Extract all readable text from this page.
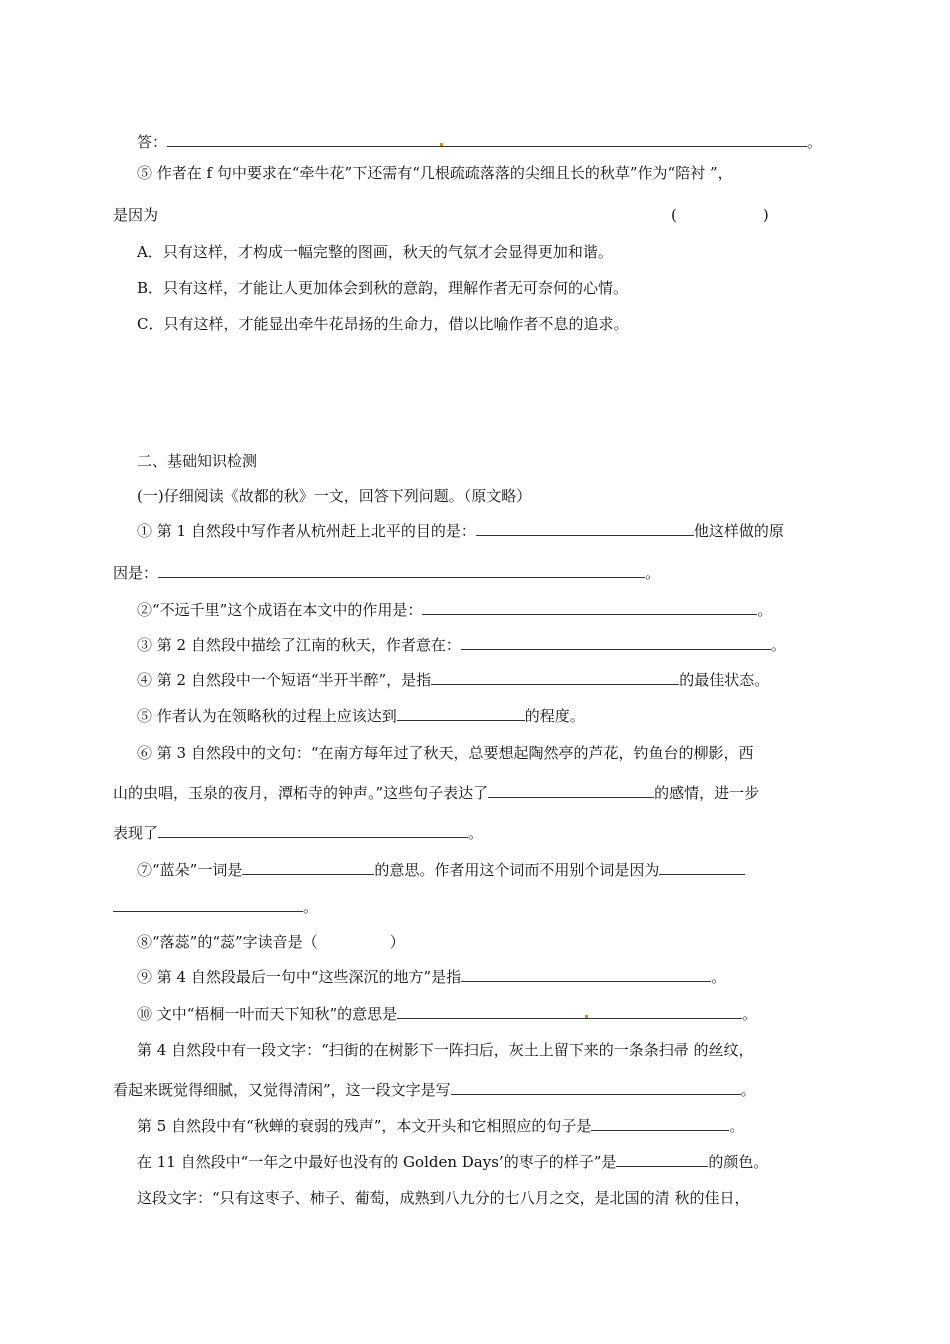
答：	。
⑤ 作者在 f 句中要求在“牵牛花”下还需有“几根疏疏落落的尖细且长的秋草”作为“陪衬 ”，
是因为	(	)
A．只有这样，才构成一幅完整的图画，秋天的气氛才会显得更加和谐。
B．只有这样，才能让人更加体会到秋的意韵，理解作者无可奈何的心情。
C．只有这样，才能显出牵牛花昂扬的生命力，借以比喻作者不息的追求。
二、基础知识检测
(一)仔细阅读《故都的秋》一文，回答下列问题。（原文略）
① 第 1 自然段中写作者从杭州赶上北平的目的是：	他这样做的原
因是：	。
②“不远千里”这个成语在本文中的作用是：	。
③ 第 2 自然段中描绘了江南的秋天，作者意在：	。
④ 第 2 自然段中一个短语“半开半醉”，是指	的最佳状态。
⑤ 作者认为在领略秋的过程上应该达到	的程度。
⑥ 第 3 自然段中的文句：“在南方每年过了秋天，总要想起陶然亭的芦花，钓鱼台的柳影，西
山的虫唱，玉泉的夜月，潭柘寺的钟声。”这些句子表达了	的感情，进一步
表现了	。
⑦“蓝朵”一词是	的意思。作者用这个词而不用别个词是因为
。
⑧“落蕊”的“蕊”字读音是（	）
⑨ 第 4 自然段最后一句中“这些深沉的地方”是指	。
⑩ 文中“梧桐一叶而天下知秋”的意思是	。
第 4 自然段中有一段文字：“扫街的在树影下一阵扫后，灰土上留下来的一条条扫帚 的丝纹，
看起来既觉得细腻，又觉得清闲”，这一段文字是写	。
第 5 自然段中有“秋蝉的衰弱的残声”，本文开头和它相照应的句子是	。
在 11 自然段中“一年之中最好也没有的 Golden Days’的枣子的样子”是	的颜色。
这段文字：“只有这枣子、柿子、葡萄，成熟到八九分的七八月之交，是北国的清 秋的佳日，
